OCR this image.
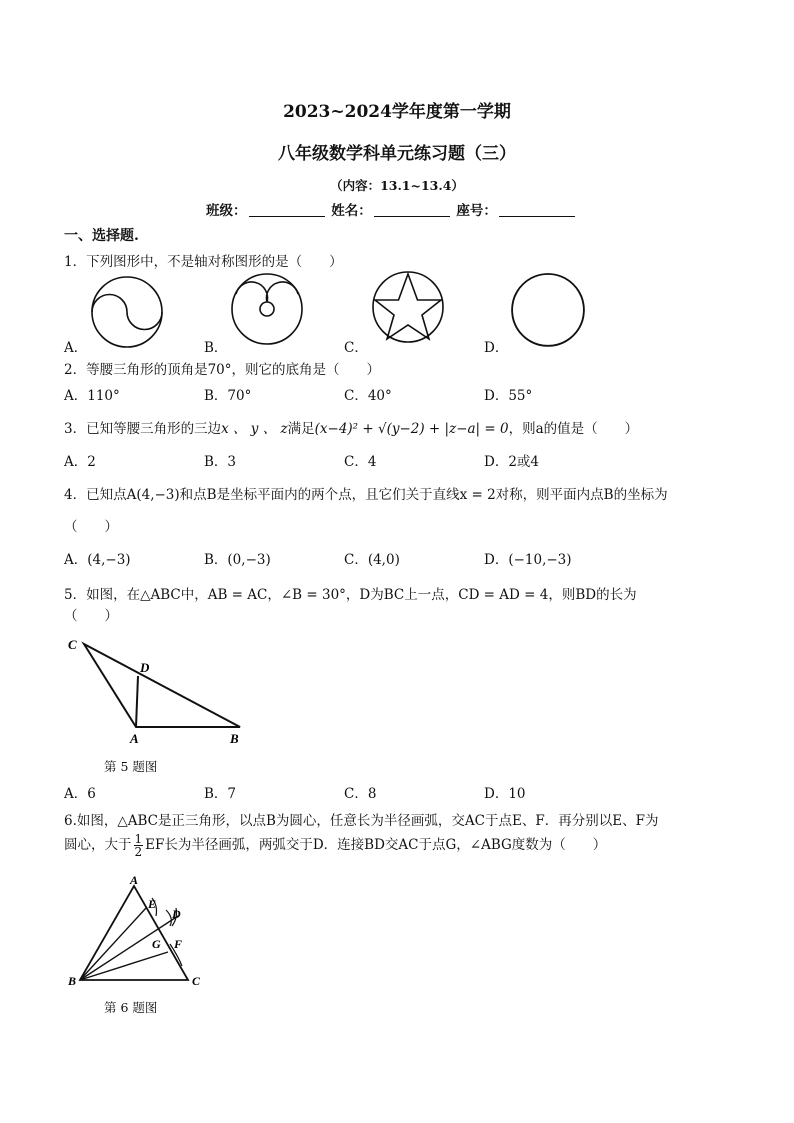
2023~2024学年度第一学期
八年级数学科单元练习题（三）
（内容：13.1~13.4）
班级：	姓名：	座号：
一、选择题.
1．下列图形中，不是轴对称图形的是（　　）
A．	B．	C．	D．
2．等腰三角形的顶角是70°，则它的底角是（　　）
A．110°	B．70°	C．40°	D．55°
3．已知等腰三角形的三边x 、 y 、 z满足(x−4)² + √(y−2) + |z−a| = 0，则a的值是（　　）
A．2	B．3	C．4	D．2或4
4．已知点A(4,−3)和点B是坐标平面内的两个点，且它们关于直线x = 2对称，则平面内点B的坐标为
（　　）
A．(4,−3)	B．(0,−3)	C．(4,0)	D．(−10,−3)
5．如图，在△ABC中，AB = AC，∠B = 30°，D为BC上一点，CD = AD = 4，则BD的长为
（　　）
C
D
A	B
第 5 题图
A．6	B．7	C．8	D．10
6.如图，△ABC是正三角形，以点B为圆心，任意长为半径画弧，交AC于点E、F．再分别以E、F为
圆心，大于 $\frac{1}{2}$ EF长为半径画弧，两弧交于D．连接BD交AC于点G，∠ABG度数为（　　）
A
E
D
G F
B	C
第 6 题图
